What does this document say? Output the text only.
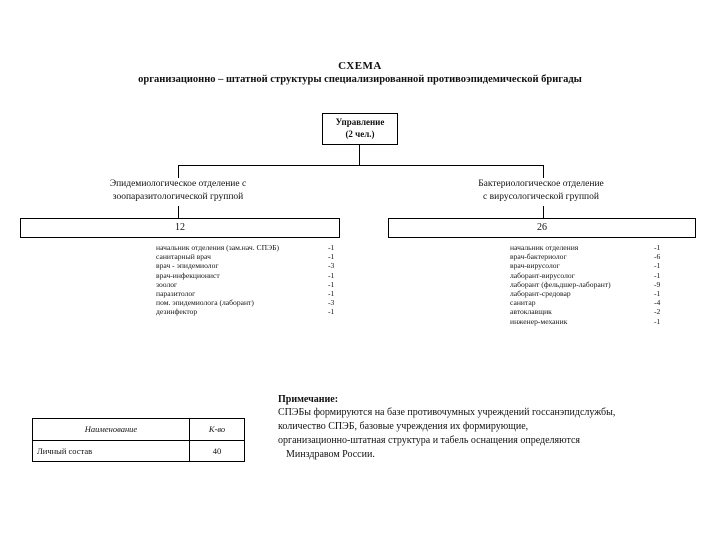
СХЕМА
организационно – штатной структуры специализированной противоэпидемической бригады
Управление
(2 чел.)
Эпидемиологическое отделение с
зоопаразитологической группой
12
начальник отделения (зам.нач. СПЭБ)	-1
санитарный врач	-1
врач - эпидемиолог	-3
врач-инфекционист	-1
зоолог	-1
паразитолог	-1
пом. эпидемиолога (лаборант)	-3
дезинфектор	-1
Бактериологическое отделение
с вирусологической группой
26
начальник отделения	-1
врач-бактериолог	-6
врач-вирусолог	-1
лаборант-вирусолог	-1
лаборант (фельдшер-лаборант)	-9
лаборант-средовар	-1
санитар	-4
автоклавщик	-2
инженер-механик	-1
Наименование	К-во
Личный состав	40
Примечание:
СПЭБы формируются на базе противочумных учреждений госсанэпидслужбы,
количество СПЭБ, базовые учреждения их формирующие,
организационно-штатная структура и табель оснащения определяются
Минздравом России.
